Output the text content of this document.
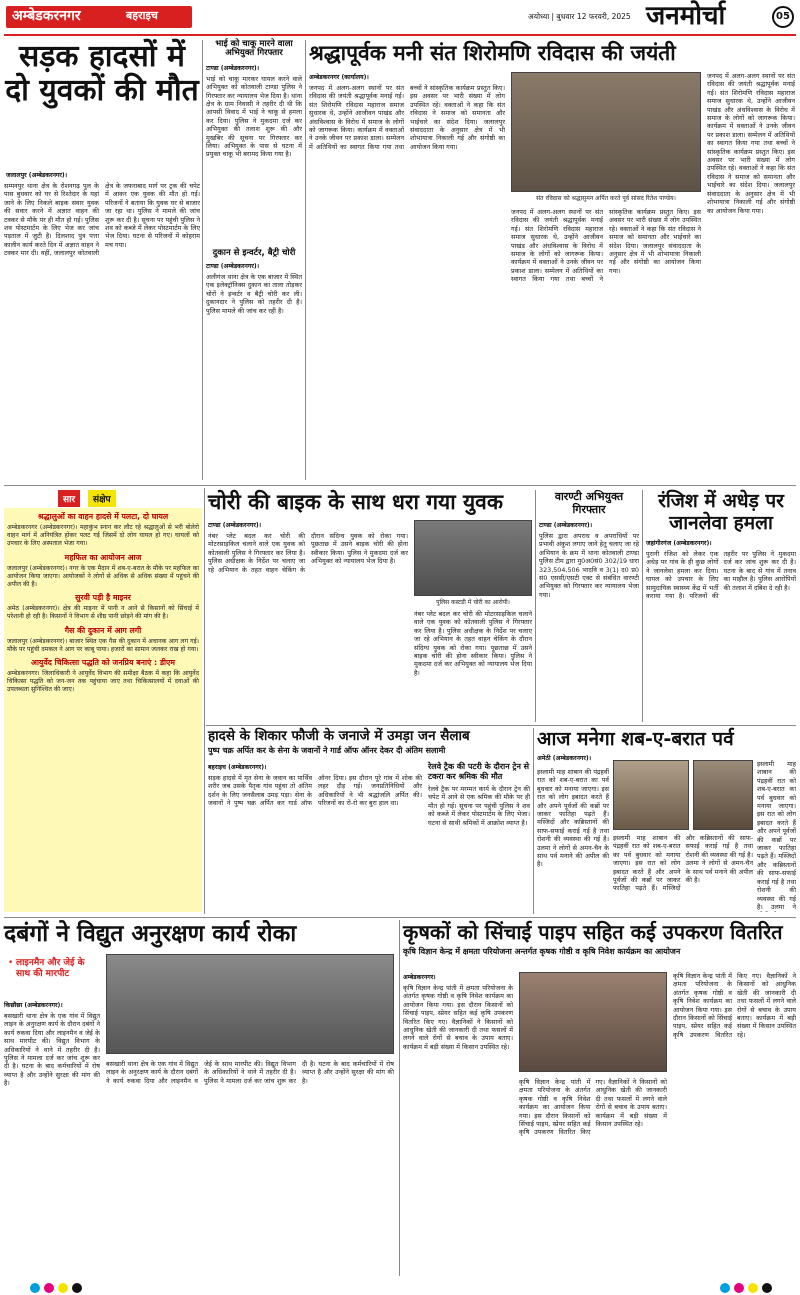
अम्बेडकरनगर	बहराइच	अयोध्या | बुधवार 12 फरवरी, 2025 जनमोर्चा	05
सड़क हादसों में दो युवकों की मौत
जलालपुर (अम्बेडकरनगर)।
सम्मनपुर थाना क्षेत्र के रोशनगढ़ पुल के पास बुधवार को घर से रिश्तेदार के यहां जाने के लिए निकले बाइक सवार युवक की सवार करने में अज्ञात वाहन की टक्कर से मौके पर ही मौत हो गई। पुलिस शव पोस्टमार्टम के लिए भेज कर जांच पड़ताल में जुटी है। दिलशाद पुत्र पत्ता कालीन कार्य करते दिन में अज्ञात वाहन ने टक्कर मार दी। वहीं, जलालपुर कोतवाली क्षेत्र के जफराबाद मार्ग पर ट्रक की चपेट में आकर एक युवक की मौत हो गई। परिजनों ने बताया कि युवक घर से बाजार जा रहा था। पुलिस ने मामले की जांच शुरू कर दी है। सूचना पर पहुंची पुलिस ने शव को कब्जे में लेकर पोस्टमार्टम के लिए भेज दिया। घटना से परिजनों में कोहराम मच गया।
भाई को चाकू मारने वाला अभियुक्त गिरफ्तार
टाण्डा (अम्बेडकरनगर)।
भाई को चाकू मारकर घायल करने वाले अभियुक्त को कोतवाली टाण्डा पुलिस ने गिरफ्तार कर न्यायालय भेज दिया है। थाना क्षेत्र के ग्राम निवासी ने तहरीर दी थी कि आपसी विवाद में भाई ने चाकू से हमला कर दिया। पुलिस ने मुकदमा दर्ज कर अभियुक्त की तलाश शुरू की और मुखबिर की सूचना पर गिरफ्तार कर लिया। अभियुक्त के पास से घटना में प्रयुक्त चाकू भी बरामद किया गया है।
दुकान से इन्वर्टर, बैट्री चोरी
टाण्डा (अम्बेडकरनगर)।
अलीगंज थाना क्षेत्र के एक बाजार में स्थित एक इलेक्ट्रॉनिक्स दुकान का ताला तोड़कर चोरों ने इन्वर्टर व बैट्री चोरी कर ली। दुकानदार ने पुलिस को तहरीर दी है। पुलिस मामले की जांच कर रही है।
श्रद्धापूर्वक मनी संत शिरोमणि रविदास की जयंती
अम्बेडकरनगर (कार्यालय)।
जनपद में अलग-अलग स्थानों पर संत रविदास की जयंती श्रद्धापूर्वक मनाई गई। संत शिरोमणि रविदास महाराज समाज सुधारक थे, उन्होंने आजीवन पाखंड और अंधविश्वास के विरोध में समाज के लोगों को जागरूक किया। कार्यक्रम में वक्ताओं ने उनके जीवन पर प्रकाश डाला। सम्मेलन में अतिथियों का स्वागत किया गया तथा बच्चों ने सांस्कृतिक कार्यक्रम प्रस्तुत किए। इस अवसर पर भारी संख्या में लोग उपस्थित रहे। वक्ताओं ने कहा कि संत रविदास ने समाज को समानता और भाईचारे का संदेश दिया। जलालपुर संवाददाता के अनुसार क्षेत्र में भी शोभायात्रा निकाली गई और संगोष्ठी का आयोजन किया गया।
संत रविदास को श्रद्धासुमन अर्पित करते पूर्व सांसद रितेश पाण्डेय।
जनपद में अलग-अलग स्थानों पर संत रविदास की जयंती श्रद्धापूर्वक मनाई गई। संत शिरोमणि रविदास महाराज समाज सुधारक थे, उन्होंने आजीवन पाखंड और अंधविश्वास के विरोध में समाज के लोगों को जागरूक किया। कार्यक्रम में वक्ताओं ने उनके जीवन पर प्रकाश डाला। सम्मेलन में अतिथियों का स्वागत किया गया तथा बच्चों ने सांस्कृतिक कार्यक्रम प्रस्तुत किए। इस अवसर पर भारी संख्या में लोग उपस्थित रहे। वक्ताओं ने कहा कि संत रविदास ने समाज को समानता और भाईचारे का संदेश दिया। जलालपुर संवाददाता के अनुसार क्षेत्र में भी शोभायात्रा निकाली गई और संगोष्ठी का आयोजन किया गया।
जनपद में अलग-अलग स्थानों पर संत रविदास की जयंती श्रद्धापूर्वक मनाई गई। संत शिरोमणि रविदास महाराज समाज सुधारक थे, उन्होंने आजीवन पाखंड और अंधविश्वास के विरोध में समाज के लोगों को जागरूक किया। कार्यक्रम में वक्ताओं ने उनके जीवन पर प्रकाश डाला। सम्मेलन में अतिथियों का स्वागत किया गया तथा बच्चों ने सांस्कृतिक कार्यक्रम प्रस्तुत किए। इस अवसर पर भारी संख्या में लोग उपस्थित रहे। वक्ताओं ने कहा कि संत रविदास ने समाज को समानता और भाईचारे का संदेश दिया। जलालपुर संवाददाता के अनुसार क्षेत्र में भी शोभायात्रा निकाली गई और संगोष्ठी का आयोजन किया गया।
सार	संक्षेप
श्रद्धालुओं का वाहन हादसे में पलटा, दो घायल

अम्बेडकरनगर (अम्बेडकरनगर)। महाकुंभ स्नान कर लौट रहे श्रद्धालुओं से भरी बोलेरो वाहन मार्ग में अनियंत्रित होकर पलट गई जिसमें दो लोग घायल हो गए। घायलों को उपचार के लिए अस्पताल भेजा गया।

महफिल का आयोजन आज

जलालपुर (अम्बेडकरनगर)। नगर के एक मैदान में शब-ए-बरात के मौके पर महफिल का आयोजन किया जाएगा। आयोजकों ने लोगों से अधिक से अधिक संख्या में पहुंचने की अपील की है।

सुरवी पड़ी है माइनर

अमेठ (अम्बेडकरनगर)। क्षेत्र की माइनर में पानी न आने से किसानों को सिंचाई में परेशानी हो रही है। किसानों ने विभाग से शीघ्र पानी छोड़ने की मांग की है।

गैस की दुकान में आग लगी

जलालपुर (अम्बेडकरनगर)। बाजार स्थित एक गैस की दुकान में अचानक आग लग गई। मौके पर पहुंची दमकल ने आग पर काबू पाया। हजारों का सामान जलकर राख हो गया।

आयुर्वेद चिकित्सा पद्धति को जनप्रिय बनाएं : डीएम

अम्बेडकरनगर। जिलाधिकारी ने आयुर्वेद विभाग की समीक्षा बैठक में कहा कि आयुर्वेद चिकित्सा पद्धति को जन-जन तक पहुंचाया जाए तथा चिकित्सालयों में दवाओं की उपलब्धता सुनिश्चित की जाए।

चोरी की बाइक के साथ धरा गया युवक
टाण्डा (अम्बेडकरनगर)।
नंबर प्लेट बदल कर चोरी की मोटरसाइकिल चलाने वाले एक युवक को कोतवाली पुलिस ने गिरफ्तार कर लिया है। पुलिस अधीक्षक के निर्देश पर चलाए जा रहे अभियान के तहत वाहन चेकिंग के दौरान संदिग्ध युवक को रोका गया। पूछताछ में उसने बाइक चोरी की होना स्वीकार किया। पुलिस ने मुकदमा दर्ज कर अभियुक्त को न्यायालय भेज दिया है।
पुलिस कस्टडी में चोरी का आरोपी।
नंबर प्लेट बदल कर चोरी की मोटरसाइकिल चलाने वाले एक युवक को कोतवाली पुलिस ने गिरफ्तार कर लिया है। पुलिस अधीक्षक के निर्देश पर चलाए जा रहे अभियान के तहत वाहन चेकिंग के दौरान संदिग्ध युवक को रोका गया। पूछताछ में उसने बाइक चोरी की होना स्वीकार किया। पुलिस ने मुकदमा दर्ज कर अभियुक्त को न्यायालय भेज दिया है।
वारण्टी अभियुक्त गिरफ्तार
टाण्डा (अम्बेडकरनगर)।
पुलिस द्वारा अपराध व अपराधियों पर प्रभावी अंकुश लगाए जाने हेतु चलाए जा रहे अभियान के क्रम में थाना कोतवाली टाण्डा पुलिस टीम द्वारा मु0अ0सं0 302/19 धारा 323,504,506 भादवि व 3(1) द0 प्र0 सं0 एससी/एसटी एक्ट से संबंधित वारण्टी अभियुक्त को गिरफ्तार कर न्यायालय भेजा गया।
रंजिश में अधेड़ पर जानलेवा हमला
जहांगीरगंज (अम्बेडकरनगर)।
पुरानी रंजिश को लेकर एक अधेड़ पर गांव के ही कुछ लोगों ने जानलेवा हमला कर दिया। घायल को उपचार के लिए सामुदायिक स्वास्थ्य केंद्र में भर्ती कराया गया है। परिजनों की तहरीर पर पुलिस ने मुकदमा दर्ज कर जांच शुरू कर दी है। घटना के बाद से गांव में तनाव का माहौल है। पुलिस आरोपियों की तलाश में दबिश दे रही है।
हादसे के शिकार फौजी के जनाजे में उमड़ा जन सैलाब
पुष्प चक्र अर्पित कर के सेना के जवानों ने गार्ड ऑफ ऑनर देकर दी अंतिम सलामी
बहराइच (अम्बेडकरनगर)।
सड़क हादसे में मृत सेना के जवान का पार्थिव शरीर जब उसके पैतृक गांव पहुंचा तो अंतिम दर्शन के लिए जनसैलाब उमड़ पड़ा। सेना के जवानों ने पुष्प चक्र अर्पित कर गार्ड ऑफ ऑनर दिया। इस दौरान पूरे गांव में शोक की लहर दौड़ गई। जनप्रतिनिधियों और अधिकारियों ने भी श्रद्धांजलि अर्पित की। परिजनों का रो-रो कर बुरा हाल था।
रेलवे ट्रैक की पटरी के दौरान ट्रेन से टकरा कर श्रमिक की मौत
रेलवे ट्रैक पर मरम्मत कार्य के दौरान ट्रेन की चपेट में आने से एक श्रमिक की मौके पर ही मौत हो गई। सूचना पर पहुंची पुलिस ने शव को कब्जे में लेकर पोस्टमार्टम के लिए भेजा। घटना से साथी श्रमिकों में आक्रोश व्याप्त है।
आज मनेगा शब-ए-बरात पर्व
अमेठी (अम्बेडकरनगर)।
इस्लामी माह शाबान की पंद्रहवीं रात को शब-ए-बरात का पर्व बुधवार को मनाया जाएगा। इस रात को लोग इबादत करते हैं और अपने पूर्वजों की कब्रों पर जाकर फातिहा पढ़ते हैं। मस्जिदों और कब्रिस्तानों की साफ-सफाई कराई गई है तथा रोशनी की व्यवस्था की गई है। उलमा ने लोगों से अमन-चैन के साथ पर्व मनाने की अपील की है।
इस्लामी माह शाबान की पंद्रहवीं रात को शब-ए-बरात का पर्व बुधवार को मनाया जाएगा। इस रात को लोग इबादत करते हैं और अपने पूर्वजों की कब्रों पर जाकर फातिहा पढ़ते हैं। मस्जिदों और कब्रिस्तानों की साफ-सफाई कराई गई है तथा रोशनी की व्यवस्था की गई है। उलमा ने लोगों से अमन-चैन के साथ पर्व मनाने की अपील की है।
इस्लामी माह शाबान की पंद्रहवीं रात को शब-ए-बरात का पर्व बुधवार को मनाया जाएगा। इस रात को लोग इबादत करते हैं और अपने पूर्वजों की कब्रों पर जाकर फातिहा पढ़ते हैं। मस्जिदों और कब्रिस्तानों की साफ-सफाई कराई गई है तथा रोशनी की व्यवस्था की गई है। उलमा ने
दबंगों ने विद्युत अनुरक्षण कार्य रोका
• लाइनमैन और जेई के साथ की मारपीट
किछौछा (अम्बेडकरनगर)।
बसखारी थाना क्षेत्र के एक गांव में विद्युत लाइन के अनुरक्षण कार्य के दौरान दबंगों ने कार्य रुकवा दिया और लाइनमैन व जेई के साथ मारपीट की। विद्युत विभाग के अधिकारियों ने थाने में तहरीर दी है। पुलिस ने मामला दर्ज कर जांच शुरू कर दी है। घटना के बाद कर्मचारियों में रोष व्याप्त है और उन्होंने सुरक्षा की मांग की है।
बसखारी थाना क्षेत्र के एक गांव में विद्युत लाइन के अनुरक्षण कार्य के दौरान दबंगों ने कार्य रुकवा दिया और लाइनमैन व जेई के साथ मारपीट की। विद्युत विभाग के अधिकारियों ने थाने में तहरीर दी है। पुलिस ने मामला दर्ज कर जांच शुरू कर दी है। घटना के बाद कर्मचारियों में रोष व्याप्त है और उन्होंने सुरक्षा की मांग की है।
कृषकों को सिंचाई पाइप सहित कई उपकरण वितरित
कृषि विज्ञान केन्द्र में क्षमता परियोजना अन्तर्गत कृषक गोष्ठी व कृषि निवेश कार्यक्रम का आयोजन
अम्बेडकरनगर।
कृषि विज्ञान केन्द्र पांती में क्षमता परियोजना के अंतर्गत कृषक गोष्ठी व कृषि निवेश कार्यक्रम का आयोजन किया गया। इस दौरान किसानों को सिंचाई पाइप, स्प्रेयर सहित कई कृषि उपकरण वितरित किए गए। वैज्ञानिकों ने किसानों को आधुनिक खेती की जानकारी दी तथा फसलों में लगने वाले रोगों से बचाव के उपाय बताए। कार्यक्रम में बड़ी संख्या में किसान उपस्थित रहे।
कृषि विज्ञान केन्द्र पांती में क्षमता परियोजना के अंतर्गत कृषक गोष्ठी व कृषि निवेश कार्यक्रम का आयोजन किया गया। इस दौरान किसानों को सिंचाई पाइप, स्प्रेयर सहित कई कृषि उपकरण वितरित किए गए। वैज्ञानिकों ने किसानों को आधुनिक खेती की जानकारी दी तथा फसलों में लगने वाले रोगों से बचाव के उपाय बताए। कार्यक्रम में बड़ी संख्या में किसान उपस्थित रहे।
कृषि विज्ञान केन्द्र पांती में क्षमता परियोजना के अंतर्गत कृषक गोष्ठी व कृषि निवेश कार्यक्रम का आयोजन किया गया। इस दौरान किसानों को सिंचाई पाइप, स्प्रेयर सहित कई कृषि उपकरण वितरित किए गए। वैज्ञानिकों ने किसानों को आधुनिक खेती की जानकारी दी तथा फसलों में लगने वाले रोगों से बचाव के उपाय बताए। कार्यक्रम में बड़ी संख्या में किसान उपस्थित रहे।
